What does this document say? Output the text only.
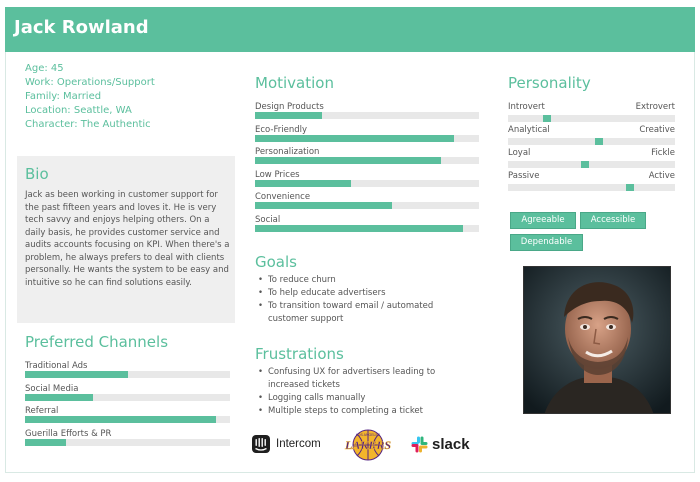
Jack Rowland
Age: 45
Work: Operations/Support
Family: Married
Location: Seattle, WA
Character: The Authentic
Bio

Jack as been working in customer support for the past fifteen years and loves it. He is very tech savvy and enjoys helping others. On a daily basis, he provides customer service and audits accounts focusing on KPI. When there's a problem, he always prefers to deal with clients personally. He wants the system to be easy and intuitive so he can find solutions easily.

Preferred Channels
Traditional Ads
Social Media
Referral
Guerilla Efforts & PR
Motivation
Design Products
Eco-Friendly
Personalization
Low Prices
Convenience
Social
Goals
• To reduce churn
• To help educate advertisers
• To transition toward email / automated customer support
Frustrations
• Confusing UX for advertisers leading to increased tickets
• Logging calls manually
• Multiple steps to completing a ticket
Personality
Introvert	Extrovert
Analytical	Creative
Loyal	Fickle
Passive	Active
Agreeable	Accessible
Dependable
Intercom LAKERS
LOS ANGELES
slack
